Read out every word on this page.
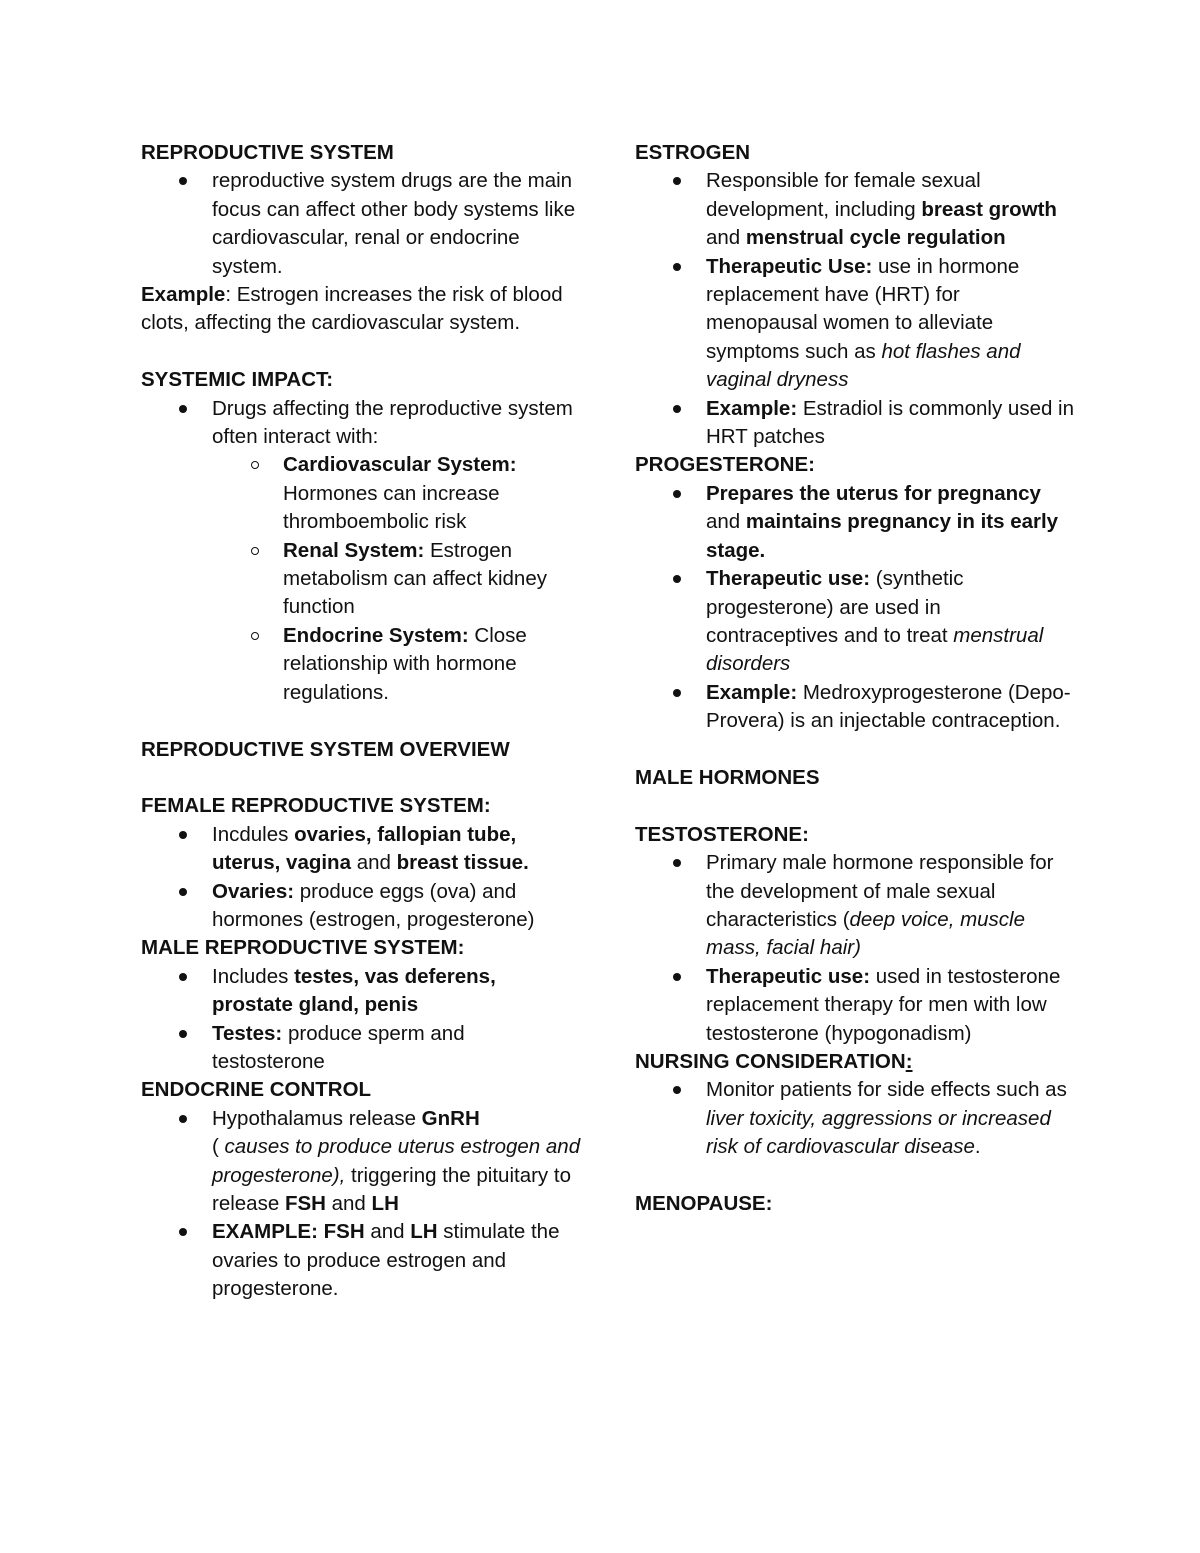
REPRODUCTIVE SYSTEM
reproductive system drugs are the main focus can affect other body systems like cardiovascular, renal or endocrine system.
Example: Estrogen increases the risk of blood clots, affecting the cardiovascular system.
SYSTEMIC IMPACT:
Drugs affecting the reproductive system often interact with:
Cardiovascular System: Hormones can increase thromboembolic risk
Renal System: Estrogen metabolism can affect kidney function
Endocrine System: Close relationship with hormone regulations.
REPRODUCTIVE SYSTEM OVERVIEW
FEMALE REPRODUCTIVE SYSTEM:
Incdules ovaries, fallopian tube, uterus, vagina and breast tissue.
Ovaries: produce eggs (ova) and hormones (estrogen, progesterone)
MALE REPRODUCTIVE SYSTEM:
Includes testes, vas deferens, prostate gland, penis
Testes: produce sperm and testosterone
ENDOCRINE CONTROL
Hypothalamus release GnRH
( causes to produce uterus estrogen and progesterone), triggering the pituitary to release FSH and LH
EXAMPLE: FSH and LH stimulate the ovaries to produce estrogen and progesterone.
ESTROGEN
Responsible for female sexual development, including breast growth and menstrual cycle regulation
Therapeutic Use: use in hormone replacement have (HRT) for menopausal women to alleviate symptoms such as hot flashes and vaginal dryness
Example: Estradiol is commonly used in HRT patches
PROGESTERONE:
Prepares the uterus for pregnancy and maintains pregnancy in its early stage.
Therapeutic use: (synthetic progesterone) are used in contraceptives and to treat menstrual disorders
Example: Medroxyprogesterone (Depo- Provera) is an injectable contraception.
MALE HORMONES
TESTOSTERONE:
Primary male hormone responsible for the development of male sexual characteristics (deep voice, muscle mass, facial hair)
Therapeutic use: used in testosterone replacement therapy for men with low testosterone (hypogonadism)
NURSING CONSIDERATION:
Monitor patients for side effects such as liver toxicity, aggressions or increased risk of cardiovascular disease.
MENOPAUSE:
